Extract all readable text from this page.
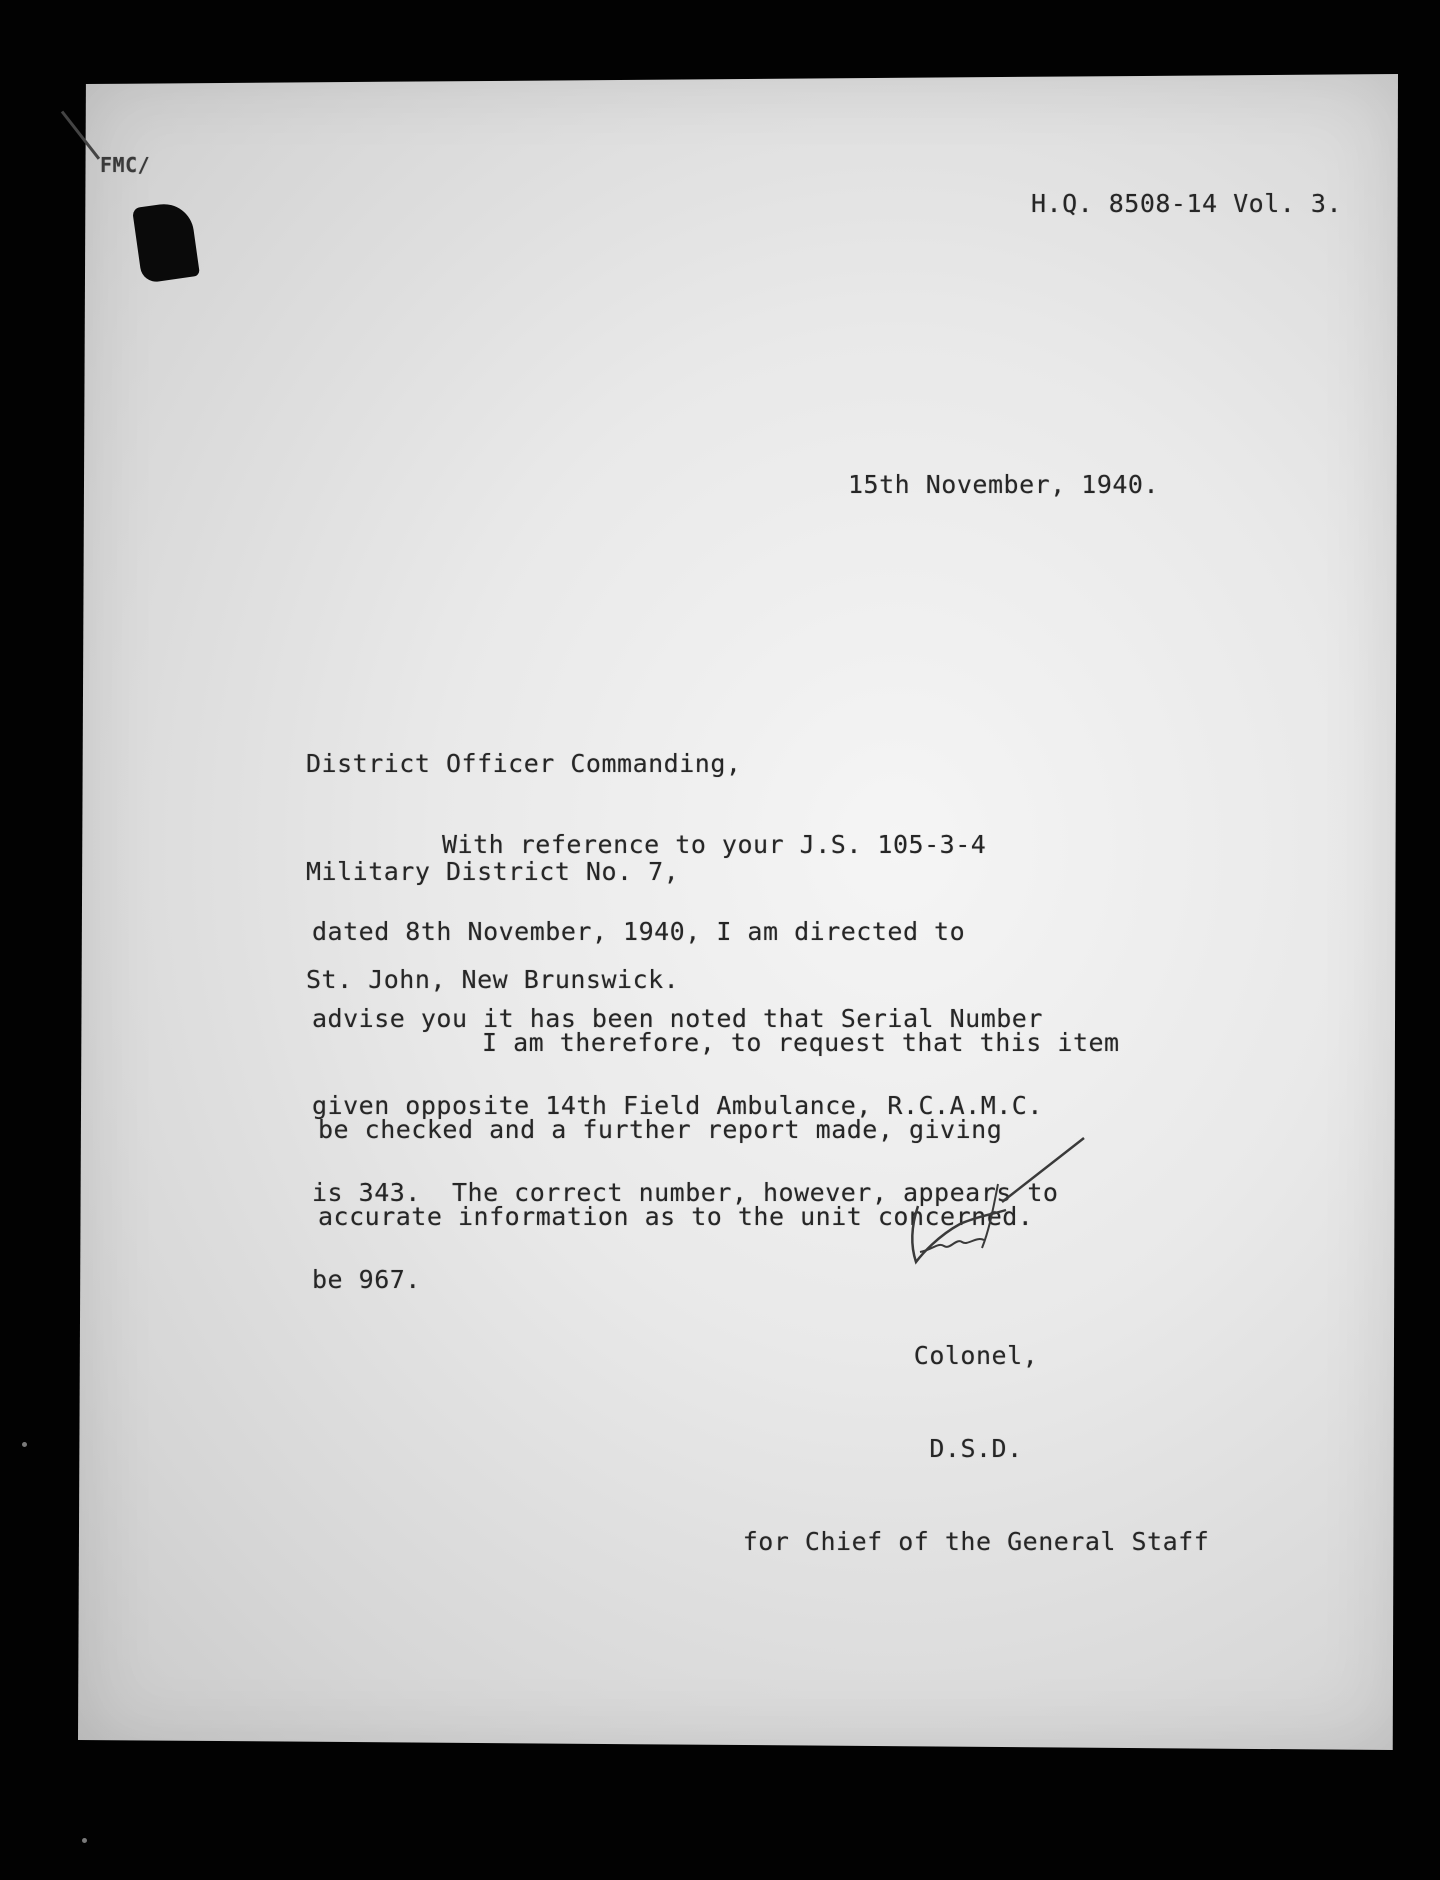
FMC/
H.Q. 8508-14 Vol. 3.
15th November, 1940.

District Officer Commanding,

Military District No. 7,

St. John, New Brunswick.

With reference to your J.S. 105-3-4

dated 8th November, 1940, I am directed to

advise you it has been noted that Serial Number

given opposite 14th Field Ambulance, R.C.A.M.C.

is 343.  The correct number, however, appears to

be 967.

I am therefore, to request that this item

be checked and a further report made, giving

accurate information as to the unit concerned.

Colonel,

D.S.D.

for Chief of the General Staff
